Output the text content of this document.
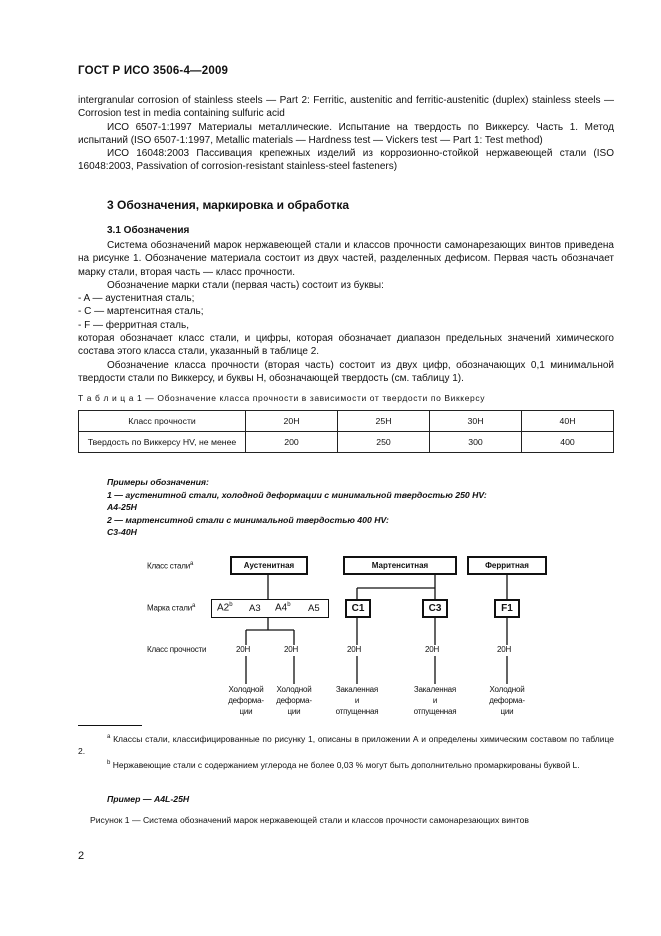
ГОСТ Р ИСО 3506-4—2009

intergranular corrosion of stainless steels — Part 2: Ferritic, austenitic and ferritic-austenitic (duplex) stainless steels — Corrosion test in media containing sulfuric acid

ИСО 6507-1:1997 Материалы металлические. Испытание на твердость по Виккерсу. Часть 1. Метод испытаний (ISO 6507-1:1997, Metallic materials — Hardness test — Vickers test — Part 1: Test method)

ИСО 16048:2003 Пассивация крепежных изделий из коррозионно-стойкой нержавеющей стали (ISO 16048:2003, Passivation of corrosion-resistant stainless-steel fasteners)

3 Обозначения, маркировка и обработка
3.1 Обозначения

Система обозначений марок нержавеющей стали и классов прочности самонарезающих винтов приведена на рисунке 1. Обозначение материала состоит из двух частей, разделенных дефисом. Первая часть обозначает марку стали, вторая часть — класс прочности.

Обозначение марки стали (первая часть) состоит из буквы:

- A — аустенитная сталь;

- C — мартенситная сталь;

- F — ферритная сталь,

которая обозначает класс стали, и цифры, которая обозначает диапазон предельных значений химического состава этого класса стали, указанный в таблице 2.

Обозначение класса прочности (вторая часть) состоит из двух цифр, обозначающих 0,1 минимальной твердости стали по Виккерсу, и буквы H, обозначающей твердость (см. таблицу 1).

Т а б л и ц а 1 — Обозначение класса прочности в зависимости от твердости по Виккерсу
Класс прочности	20H	25H	30H	40H
Твердость по Виккерсу HV, не менее	200	250	300	400
Примеры обозначения:
1 — аустенитной стали, холодной деформации с минимальной твердостью 250 HV:
A4-25H
2 — мартенситной стали с минимальной твердостью 400 HV:
C3-40H
Класс стали$^a$
Марка стали$^a$
Класс прочности
Аустенитная	Мартенситная	Ферритная
A2$^b$ A3 A4$^b$ A5	C1	C3	F1
20H	20H	20H	20H	20H
Холодной
деформа-
ции
Холодной
деформа-
ции
Закаленная
и
отпущенная
Закаленная
и
отпущенная
Холодной
деформа-
ции
$^a$ Классы стали, классифицированные по рисунку 1, описаны в приложении А и определены химическим составом по таблице 2.
$^b$ Нержавеющие стали с содержанием углерода не более 0,03 % могут быть дополнительно промаркированы буквой L.
Пример — A4L-25H
Рисунок 1 — Система обозначений марок нержавеющей стали и классов прочности самонарезающих винтов
2
